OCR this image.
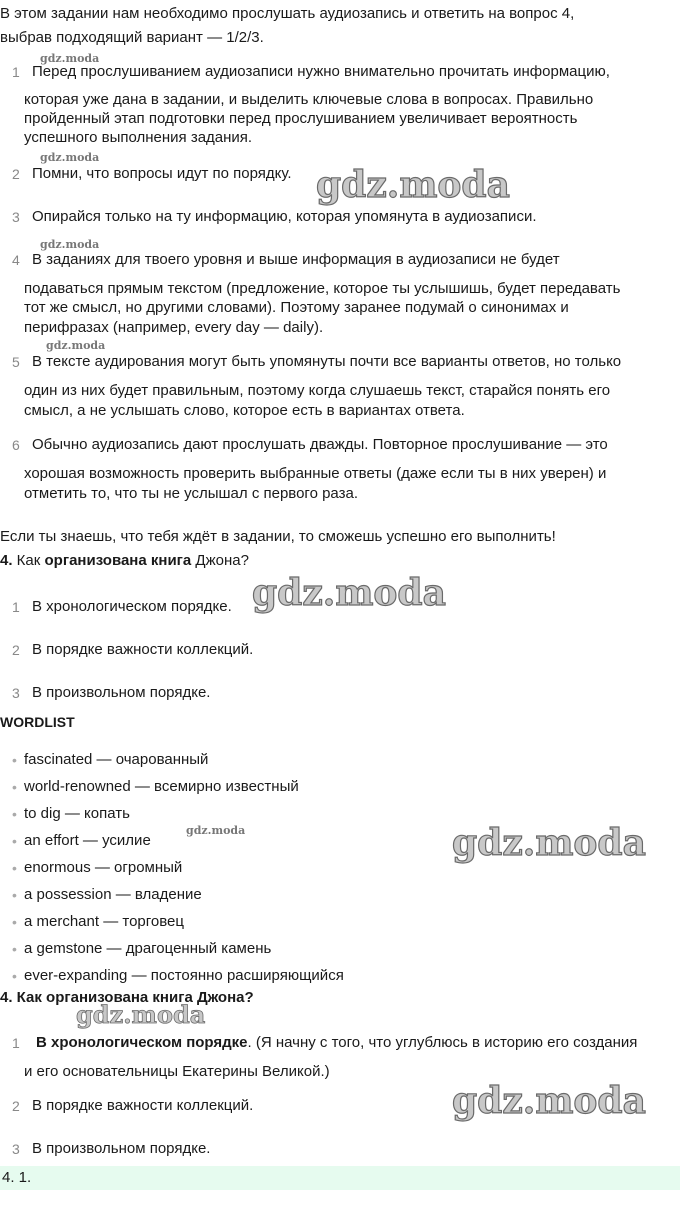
В этом задании нам необходимо прослушать аудиозапись и ответить на вопрос 4,
выбрав подходящий вариант — 1/2/3.
gdz.moda
1 Перед прослушиванием аудиозаписи нужно внимательно прочитать информацию,
которая уже дана в задании, и выделить ключевые слова в вопросах. Правильно
пройденный этап подготовки перед прослушиванием увеличивает вероятность
успешного выполнения задания.
gdz.moda
2 Помни, что вопросы идут по порядку. gdz.moda
3 Опирайся только на ту информацию, которая упомянута в аудиозаписи.
gdz.moda
4 В заданиях для твоего уровня и выше информация в аудиозаписи не будет
подаваться прямым текстом (предложение, которое ты услышишь, будет передавать
тот же смысл, но другими словами). Поэтому заранее подумай о синонимах и
перифразах (например, every day — daily).
gdz.moda
5 В тексте аудирования могут быть упомянуты почти все варианты ответов, но только
один из них будет правильным, поэтому когда слушаешь текст, старайся понять его
смысл, а не услышать слово, которое есть в вариантах ответа.
6 Обычно аудиозапись дают прослушать дважды. Повторное прослушивание — это
хорошая возможность проверить выбранные ответы (даже если ты в них уверен) и
отметить то, что ты не услышал с первого раза.
Если ты знаешь, что тебя ждёт в задании, то сможешь успешно его выполнить!
4. Как организована книга Джона?
1 В хронологическом порядке. gdz.moda
2 В порядке важности коллекций.
3 В произвольном порядке.
WORDLIST
• fascinated — очарованный
• world-renowned — всемирно известный
• to dig — копать
• an effort — усилие
gdz.moda	gdz.moda
• enormous — огромный
• a possession — владение
• a merchant — торговец
• a gemstone — драгоценный камень
• ever-expanding — постоянно расширяющийся
4. Как организована книга Джона?
gdz.moda
1 В хронологическом порядке. (Я начну с того, что углублюсь в историю его создания
и его основательницы Екатерины Великой.)
2 В порядке важности коллекций.	gdz.moda
3 В произвольном порядке.
4. 1.
